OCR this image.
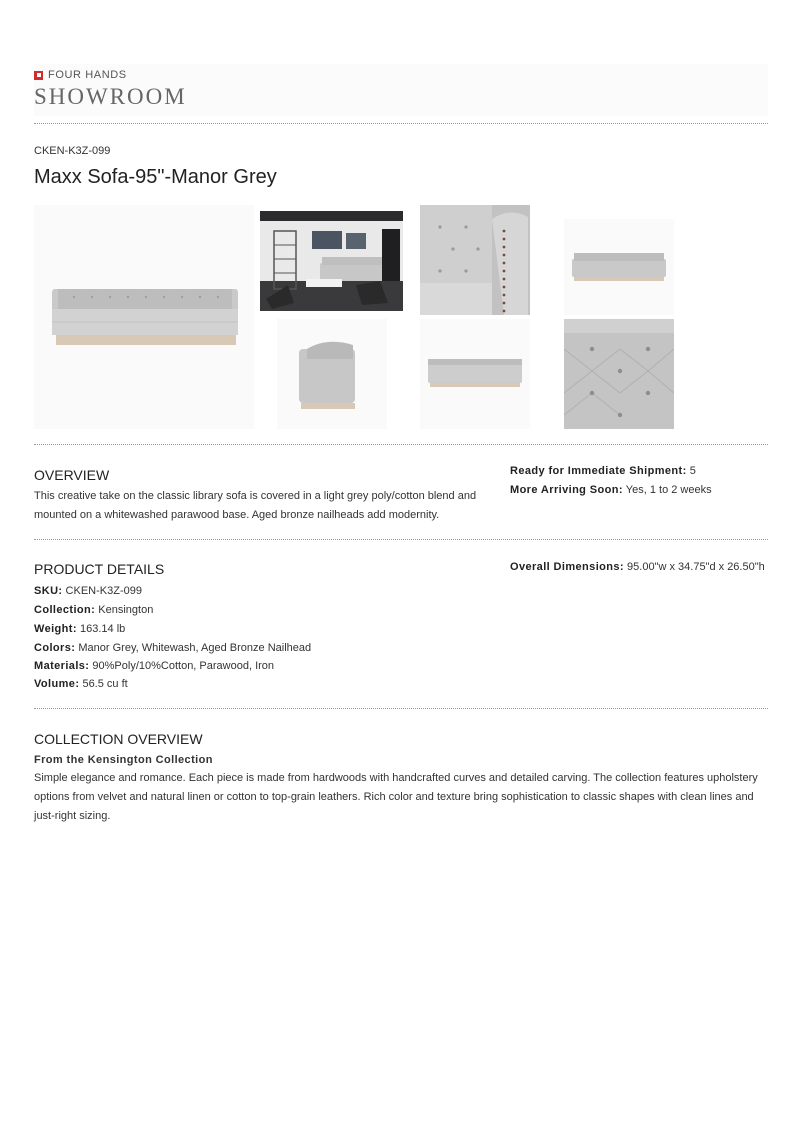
FOUR HANDS
SHOWROOM
CKEN-K3Z-099
Maxx Sofa-95"-Manor Grey
OVERVIEW
This creative take on the classic library sofa is covered in a light grey poly/cotton blend and mounted on a whitewashed parawood base. Aged bronze nailheads add modernity.
Ready for Immediate Shipment: 5
More Arriving Soon: Yes, 1 to 2 weeks
PRODUCT DETAILS
SKU: CKEN-K3Z-099
Collection: Kensington
Weight: 163.14 lb
Colors: Manor Grey, Whitewash, Aged Bronze Nailhead
Materials: 90%Poly/10%Cotton, Parawood, Iron
Volume: 56.5 cu ft
Overall Dimensions: 95.00"w x 34.75"d x 26.50"h
COLLECTION OVERVIEW
From the Kensington Collection
Simple elegance and romance. Each piece is made from hardwoods with handcrafted curves and detailed carving. The collection features upholstery options from velvet and natural linen or cotton to top-grain leathers. Rich color and texture bring sophistication to classic shapes with clean lines and just-right sizing.
